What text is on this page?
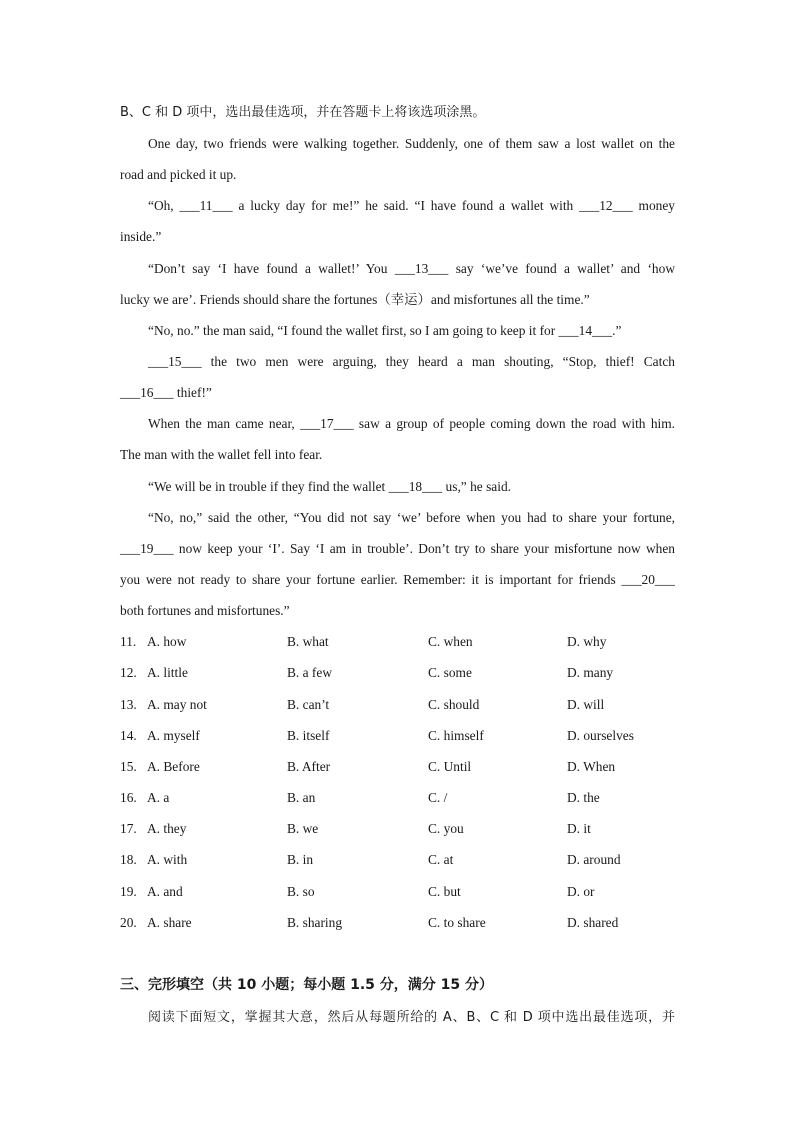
B、C 和 D 项中，选出最佳选项，并在答题卡上将该选项涂黑。
One day, two friends were walking together. Suddenly, one of them saw a lost wallet on the
road and picked it up.
“Oh, ___11___ a lucky day for me!” he said. “I have found a wallet with ___12___ money
inside.”
“Don’t say ‘I have found a wallet!’ You ___13___ say ‘we’ve found a wallet’ and ‘how
lucky we are’. Friends should share the fortunes（幸运）and misfortunes all the time.”
“No, no.” the man said, “I found the wallet first, so I am going to keep it for ___14___.”
___15___ the two men were arguing, they heard a man shouting, “Stop, thief! Catch
___16___ thief!”
When the man came near, ___17___ saw a group of people coming down the road with him.
The man with the wallet fell into fear.
“We will be in trouble if they find the wallet ___18___ us,” he said.
“No, no,” said the other, “You did not say ‘we’ before when you had to share your fortune,
___19___ now keep your ‘I’. Say ‘I am in trouble’. Don’t try to share your misfortune now when
you were not ready to share your fortune earlier. Remember: it is important for friends ___20___
both fortunes and misfortunes.”
11. A. how	B. what	C. when	D. why
12. A. little	B. a few	C. some	D. many
13. A. may not	B. can’t	C. should	D. will
14. A. myself	B. itself	C. himself	D. ourselves
15. A. Before	B. After	C. Until	D. When
16. A. a	B. an	C. /	D. the
17. A. they	B. we	C. you	D. it
18. A. with	B. in	C. at	D. around
19. A. and	B. so	C. but	D. or
20. A. share	B. sharing	C. to share	D. shared
三、完形填空（共 10 小题；每小题 1.5 分，满分 15 分）
阅读下面短文，掌握其大意，然后从每题所给的 A、B、C 和 D 项中选出最佳选项，并
